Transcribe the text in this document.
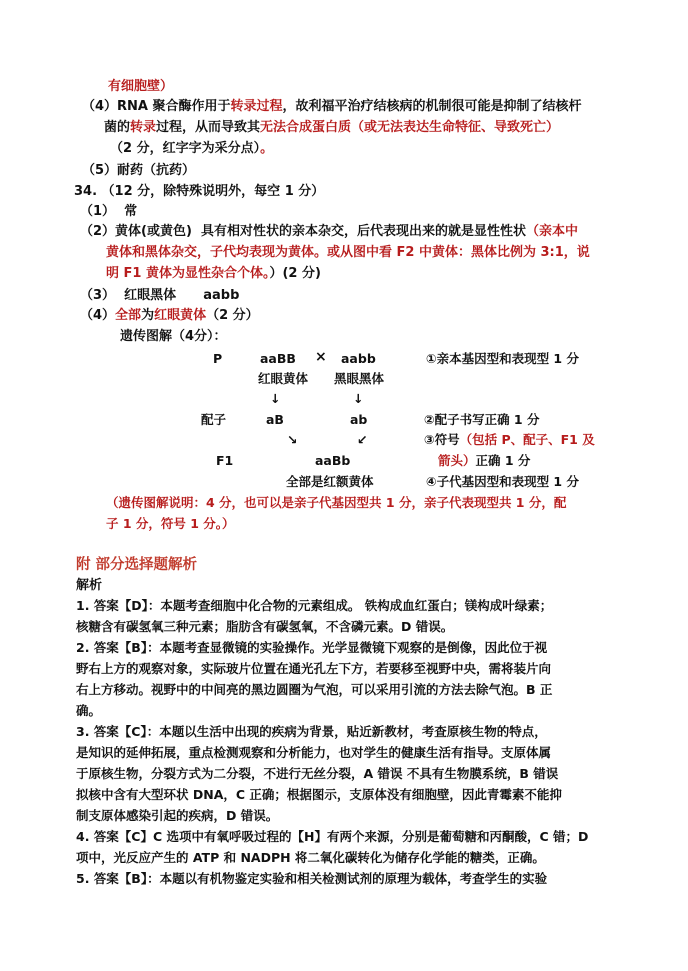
有细胞壁）
（4）RNA 聚合酶作用于转录过程，故利福平治疗结核病的机制很可能是抑制了结核杆
菌的转录过程，从而导致其无法合成蛋白质（或无法表达生命特征、导致死亡）
（2 分，红字字为采分点）。
（5）耐药（抗药）
34. （12 分，除特殊说明外，每空 1 分）
（1）  常
（2）黄体(或黄色)  具有相对性状的亲本杂交，后代表现出来的就是显性性状（亲本中
黄体和黑体杂交，子代均表现为黄体。或从图中看 F2 中黄体：黑体比例为 3:1，说
明 F1 黄体为显性杂合个体。）(2 分)
（3）  红眼黑体      aabb
（4）全部为红眼黄体（2 分）
遗传图解（4分）：
P	aaBB × aabb	①亲本基因型和表现型 1 分
红眼黄体 黑眼黑体
↓	↓
配子	aB	ab	②配子书写正确 1 分
↘	↙	③符号（包括 P、配子、F1 及
F1	aaBb	箭头）正确 1 分
全部是红额黄体	④子代基因型和表现型 1 分
（遗传图解说明：4 分，也可以是亲子代基因型共 1 分，亲子代表现型共 1 分，配
子 1 分，符号 1 分。）
附 部分选择题解析
解析
1. 答案【D】：本题考查细胞中化合物的元素组成。 铁构成血红蛋白；镁构成叶绿素；
核糖含有碳氢氧三种元素；脂肪含有碳氢氧，不含磷元素。D 错误。
2. 答案【B】：本题考查显微镜的实验操作。光学显微镜下观察的是倒像，因此位于视
野右上方的观察对象，实际玻片位置在通光孔左下方，若要移至视野中央，需将装片向
右上方移动。视野中的中间亮的黑边圆圈为气泡，可以采用引流的方法去除气泡。B 正
确。
3. 答案【C】：本题以生活中出现的疾病为背景，贴近新教材，考查原核生物的特点，
是知识的延伸拓展，重点检测观察和分析能力，也对学生的健康生活有指导。支原体属
于原核生物，分裂方式为二分裂，不进行无丝分裂，A 错误 不具有生物膜系统，B 错误
拟核中含有大型环状 DNA，C 正确；根据图示，支原体没有细胞壁，因此青霉素不能抑
制支原体感染引起的疾病，D 错误。
4. 答案【C】C 选项中有氧呼吸过程的【H】有两个来源，分别是葡萄糖和丙酮酸，C 错；D
项中，光反应产生的 ATP 和 NADPH 将二氧化碳转化为储存化学能的糖类，正确。
5. 答案【B】：本题以有机物鉴定实验和相关检测试剂的原理为载体，考查学生的实验
